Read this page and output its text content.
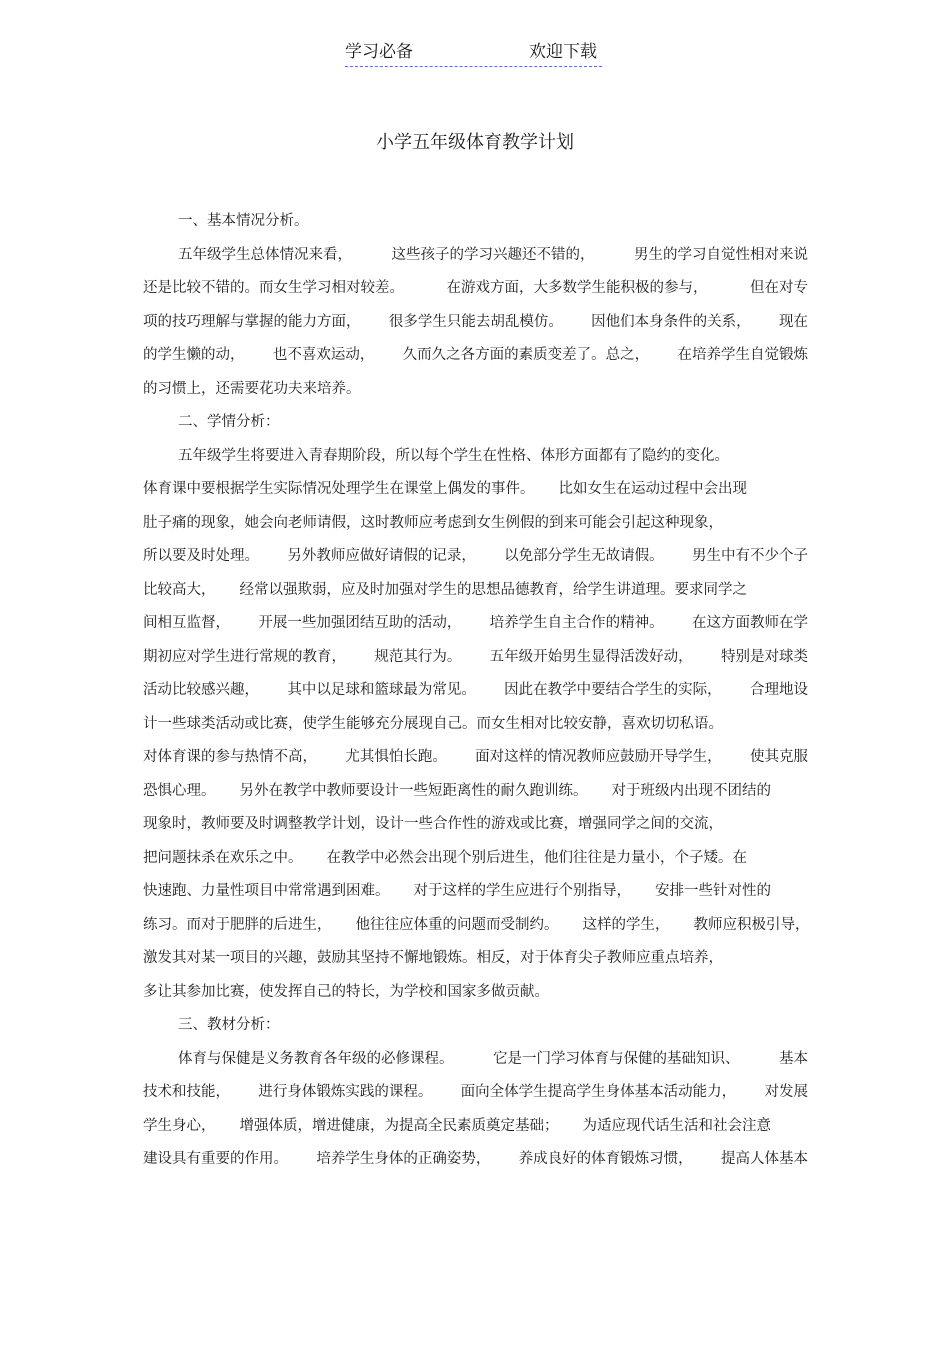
学习必备	欢迎下载
小学五年级体育教学计划
一、基本情况分析。
五年级学生总体情况来看，	这些孩子的学习兴趣还不错的，	男生的学习自觉性相对来说
还是比较不错的。而女生学习相对较差。	在游戏方面，大多数学生能积极的参与，	但在对专
项的技巧理解与掌握的能力方面， 很多学生只能去胡乱模仿。 因他们本身条件的关系， 现在
的学生懒的动， 也不喜欢运动， 久而久之各方面的素质变差了。总之， 在培养学生自觉锻炼
的习惯上，还需要花功夫来培养。
二、学情分析：
五年级学生将要进入青春期阶段，所以每个学生在性格、体形方面都有了隐约的变化。
体育课中要根据学生实际情况处理学生在课堂上偶发的事件。 比如女生在运动过程中会出现
肚子痛的现象，她会向老师请假，这时教师应考虑到女生例假的到来可能会引起这种现象，
所以要及时处理。 另外教师应做好请假的记录， 以免部分学生无故请假。 男生中有不少个子
比较高大， 经常以强欺弱，应及时加强对学生的思想品德教育，给学生讲道理。要求同学之
间相互监督， 开展一些加强团结互助的活动， 培养学生自主合作的精神。 在这方面教师在学
期初应对学生进行常规的教育， 规范其行为。 五年级开始男生显得活泼好动， 特别是对球类
活动比较感兴趣， 其中以足球和篮球最为常见。 因此在教学中要结合学生的实际， 合理地设
计一些球类活动或比赛，使学生能够充分展现自己。而女生相对比较安静，喜欢切切私语。
对体育课的参与热情不高， 尤其惧怕长跑。 面对这样的情况教师应鼓励开导学生， 使其克服
恐惧心理。 另外在教学中教师要设计一些短距离性的耐久跑训练。 对于班级内出现不团结的
现象时，教师要及时调整教学计划，设计一些合作性的游戏或比赛，增强同学之间的交流，
把问题抹杀在欢乐之中。 在教学中必然会出现个别后进生，他们往往是力量小，个子矮。在
快速跑、力量性项目中常常遇到困难。 对于这样的学生应进行个别指导， 安排一些针对性的
练习。而对于肥胖的后进生， 他往往应体重的问题而受制约。 这样的学生， 教师应积极引导，
激发其对某一项目的兴趣，鼓励其坚持不懈地锻炼。相反，对于体育尖子教师应重点培养，
多让其参加比赛，使发挥自己的特长，为学校和国家多做贡献。
三、教材分析：
体育与保健是义务教育各年级的必修课程。	它是一门学习体育与保健的基础知识、	基本
技术和技能， 进行身体锻炼实践的课程。 面向全体学生提高学生身体基本活动能力， 对发展
学生身心， 增强体质，增进健康，为提高全民素质奠定基础； 为适应现代话生活和社会注意
建设具有重要的作用。 培养学生身体的正确姿势， 养成良好的体育锻炼习惯， 提高人体基本
